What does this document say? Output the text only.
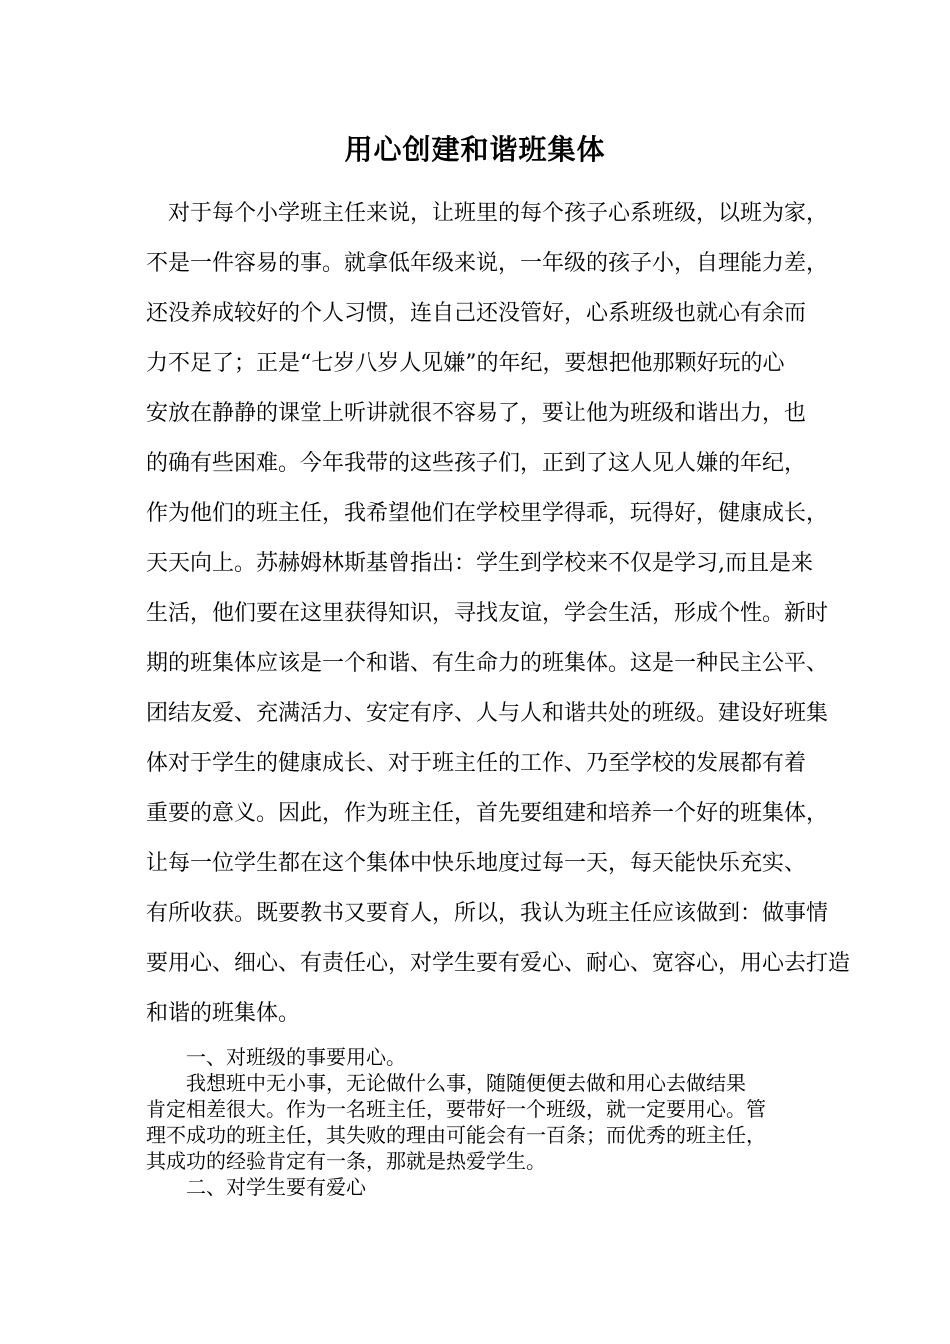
用心创建和谐班集体
　对于每个小学班主任来说，让班里的每个孩子心系班级，以班为家，
不是一件容易的事。就拿低年级来说，一年级的孩子小，自理能力差，
还没养成较好的个人习惯，连自己还没管好，心系班级也就心有余而
力不足了；正是“七岁八岁人见嫌”的年纪，要想把他那颗好玩的心
安放在静静的课堂上听讲就很不容易了，要让他为班级和谐出力，也
的确有些困难。今年我带的这些孩子们，正到了这人见人嫌的年纪，
作为他们的班主任，我希望他们在学校里学得乖，玩得好，健康成长，
天天向上。苏赫姆林斯基曾指出：学生到学校来不仅是学习,而且是来
生活，他们要在这里获得知识，寻找友谊，学会生活，形成个性。新时
期的班集体应该是一个和谐、有生命力的班集体。这是一种民主公平、
团结友爱、充满活力、安定有序、人与人和谐共处的班级。建设好班集
体对于学生的健康成长、对于班主任的工作、乃至学校的发展都有着
重要的意义。因此，作为班主任，首先要组建和培养一个好的班集体，
让每一位学生都在这个集体中快乐地度过每一天，每天能快乐充实、
有所收获。既要教书又要育人，所以，我认为班主任应该做到：做事情
要用心、细心、有责任心，对学生要有爱心、耐心、宽容心，用心去打造
和谐的班集体。
　　一、对班级的事要用心。
　　我想班中无小事，无论做什么事，随随便便去做和用心去做结果
肯定相差很大。作为一名班主任，要带好一个班级，就一定要用心。管
理不成功的班主任，其失败的理由可能会有一百条；而优秀的班主任，
其成功的经验肯定有一条，那就是热爱学生。
　　二、对学生要有爱心
